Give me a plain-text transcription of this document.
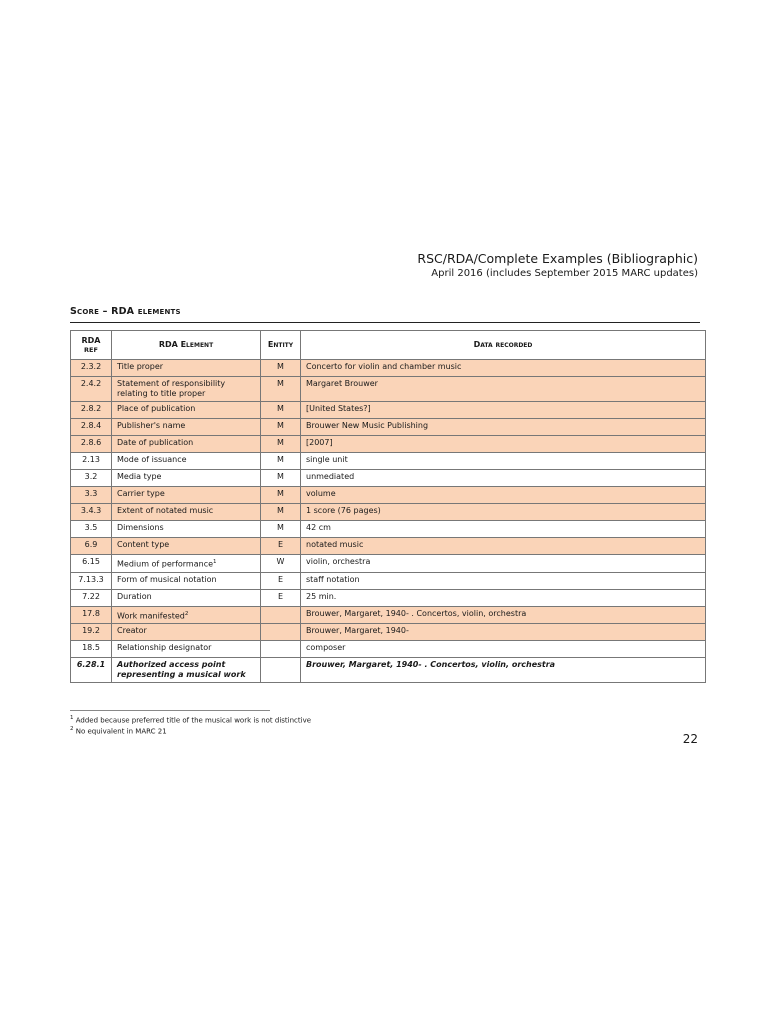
RSC/RDA/Complete Examples (Bibliographic)
April 2016 (includes September 2015 MARC updates)
Score – RDA elements
RDA
REF	RDA Element	Entity	Data recorded
2.3.2	Title proper	M	Concerto for violin and chamber music
2.4.2	Statement of responsibility relating to title proper	M	Margaret Brouwer
2.8.2	Place of publication	M	[United States?]
2.8.4	Publisher's name	M	Brouwer New Music Publishing
2.8.6	Date of publication	M	[2007]
2.13	Mode of issuance	M	single unit
3.2	Media type	M	unmediated
3.3	Carrier type	M	volume
3.4.3	Extent of notated music	M	1 score (76 pages)
3.5	Dimensions	M	42 cm
6.9	Content type	E	notated music
6.15	Medium of performance$^1$	W	violin, orchestra
7.13.3	Form of musical notation	E	staff notation
7.22	Duration	E	25 min.
17.8	Work manifested$^2$		Brouwer, Margaret, 1940- . Concertos, violin, orchestra
19.2	Creator		Brouwer, Margaret, 1940-
18.5	Relationship designator		composer
6.28.1	Authorized access point representing a musical work		Brouwer, Margaret, 1940- . Concertos, violin, orchestra
$^1$ Added because preferred title of the musical work is not distinctive
$^2$ No equivalent in MARC 21
22
